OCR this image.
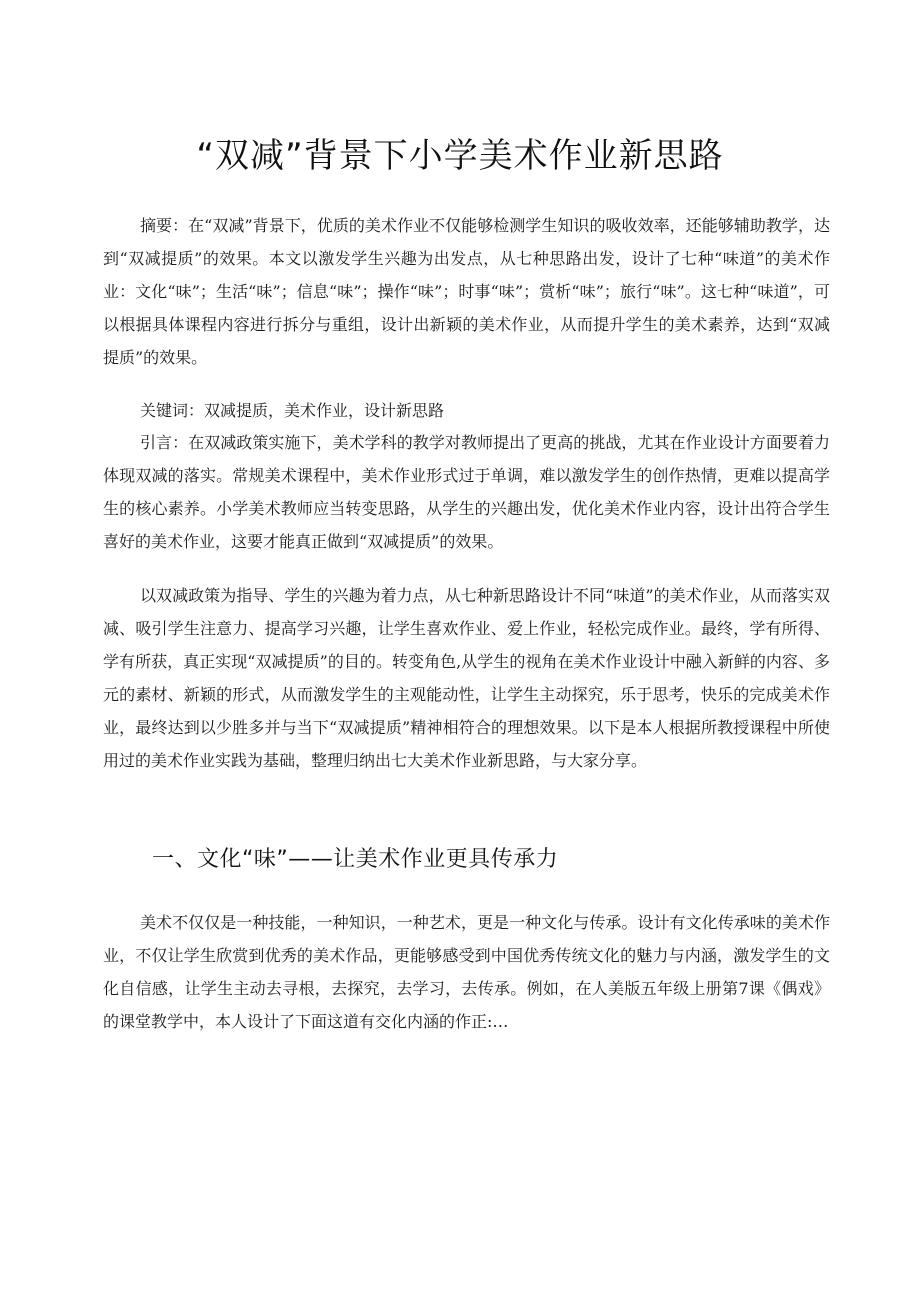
“双减”背景下小学美术作业新思路

摘要：在“双减”背景下，优质的美术作业不仅能够检测学生知识的吸收效率，还能够辅助教学，达到“双减提质”的效果。本文以激发学生兴趣为出发点，从七种思路出发，设计了七种“味道”的美术作业：文化“味”；生活“味”；信息“味”；操作“味”；时事“味”；赏析“味”；旅行“味”。这七种“味道”，可以根据具体课程内容进行拆分与重组，设计出新颖的美术作业，从而提升学生的美术素养，达到“双减提质”的效果。

关键词：双减提质，美术作业，设计新思路

引言：在双减政策实施下，美术学科的教学对教师提出了更高的挑战，尤其在作业设计方面要着力体现双减的落实。常规美术课程中，美术作业形式过于单调，难以激发学生的创作热情，更难以提高学生的核心素养。小学美术教师应当转变思路，从学生的兴趣出发，优化美术作业内容，设计出符合学生喜好的美术作业，这要才能真正做到“双减提质”的效果。

以双减政策为指导、学生的兴趣为着力点，从七种新思路设计不同“味道”的美术作业，从而落实双减、吸引学生注意力、提高学习兴趣，让学生喜欢作业、爱上作业，轻松完成作业。最终，学有所得、学有所获，真正实现“双减提质”的目的。转变角色,从学生的视角在美术作业设计中融入新鲜的内容、多元的素材、新颖的形式，从而激发学生的主观能动性，让学生主动探究，乐于思考，快乐的完成美术作业，最终达到以少胜多并与当下“双减提质”精神相符合的理想效果。以下是本人根据所教授课程中所使用过的美术作业实践为基础，整理归纳出七大美术作业新思路，与大家分享。

一、文化“味”——让美术作业更具传承力

美术不仅仅是一种技能，一种知识，一种艺术，更是一种文化与传承。设计有文化传承味的美术作业，不仅让学生欣赏到优秀的美术作品，更能够感受到中国优秀传统文化的魅力与内涵，激发学生的文化自信感，让学生主动去寻根，去探究，去学习，去传承。例如，在人美版五年级上册第7课《偶戏》的课堂教学中，本人设计了下面这道有交化内涵的作正:…
